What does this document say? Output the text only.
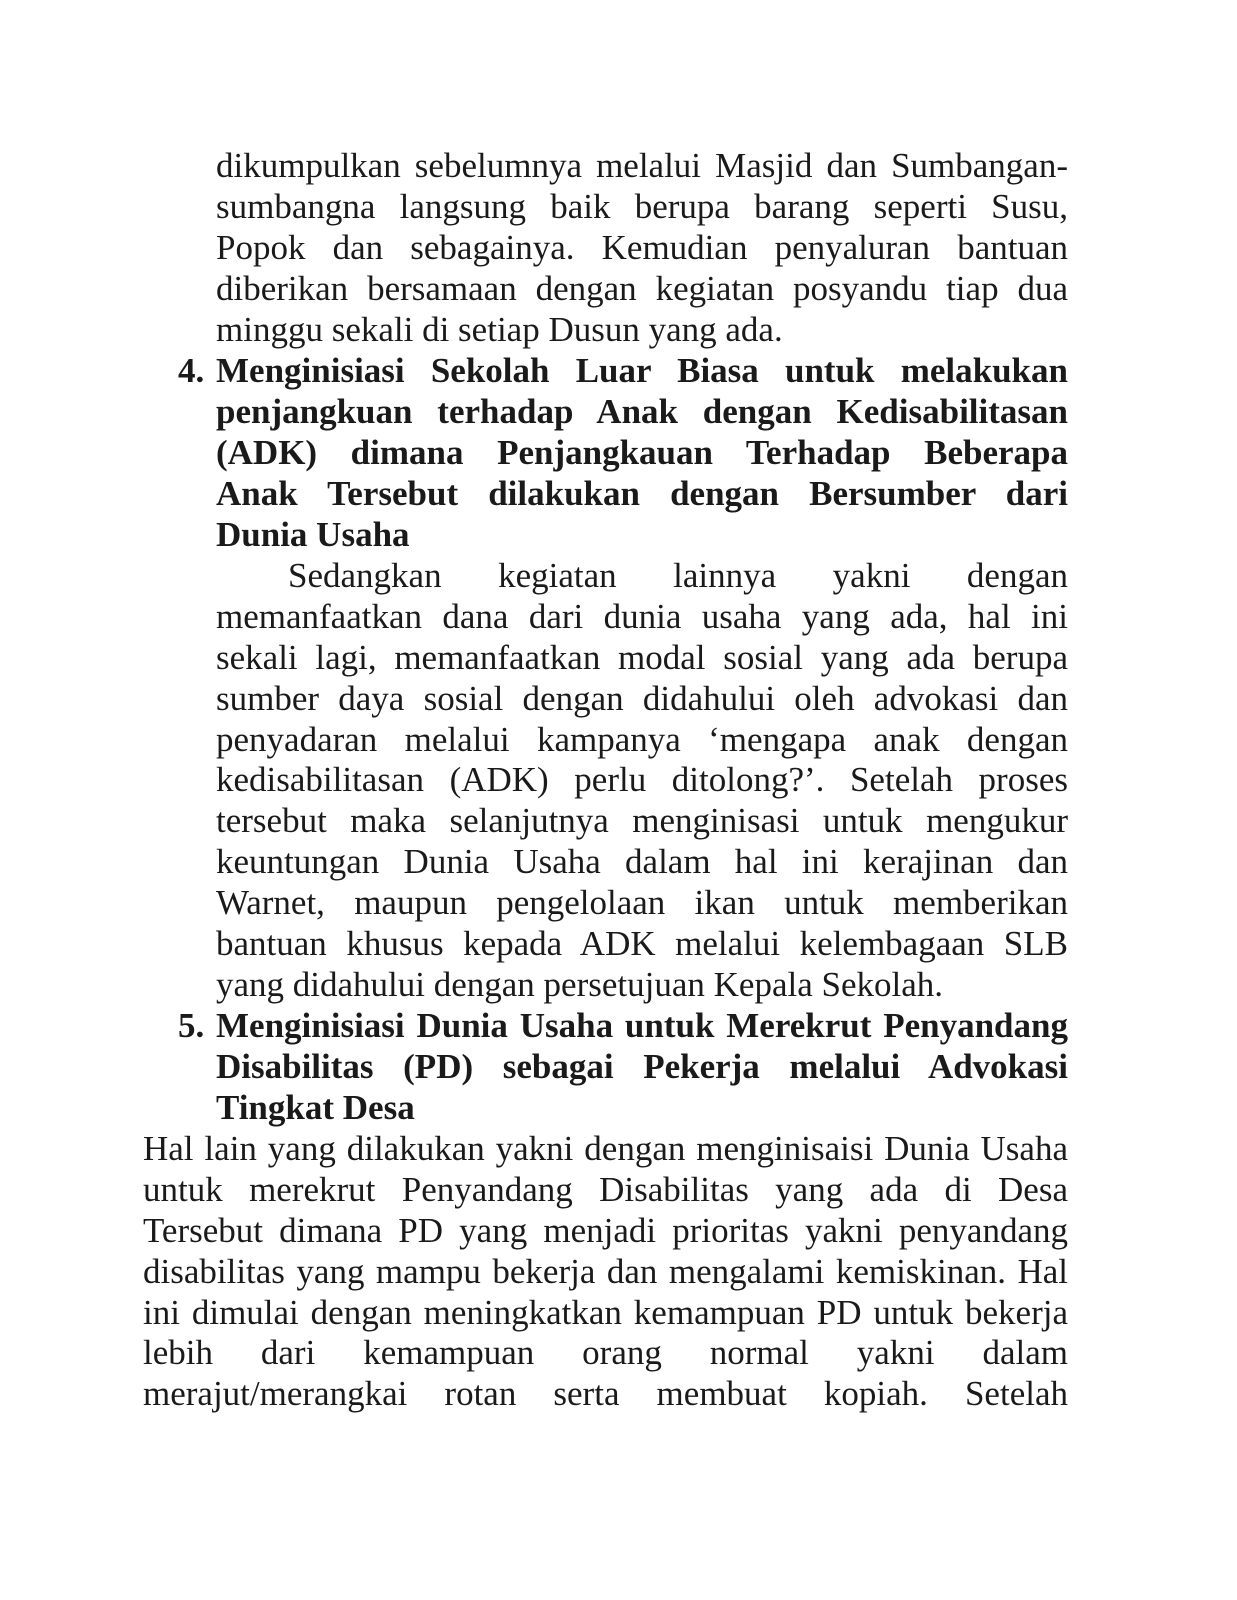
dikumpulkan sebelumnya melalui Masjid dan Sumbangan-
sumbangna langsung baik berupa barang seperti Susu,
Popok dan sebagainya. Kemudian penyaluran bantuan
diberikan bersamaan dengan kegiatan posyandu tiap dua
minggu sekali di setiap Dusun yang ada.
4. Menginisiasi Sekolah Luar Biasa untuk melakukan
penjangkuan terhadap Anak dengan Kedisabilitasan
(ADK) dimana Penjangkauan Terhadap Beberapa
Anak Tersebut dilakukan dengan Bersumber dari
Dunia Usaha
Sedangkan kegiatan lainnya yakni dengan
memanfaatkan dana dari dunia usaha yang ada, hal ini
sekali lagi, memanfaatkan modal sosial yang ada berupa
sumber daya sosial dengan didahului oleh advokasi dan
penyadaran melalui kampanya ‘mengapa anak dengan
kedisabilitasan (ADK) perlu ditolong?’. Setelah proses
tersebut maka selanjutnya menginisasi untuk mengukur
keuntungan Dunia Usaha dalam hal ini kerajinan dan
Warnet, maupun pengelolaan ikan untuk memberikan
bantuan khusus kepada ADK melalui kelembagaan SLB
yang didahului dengan persetujuan Kepala Sekolah.
5. Menginisiasi Dunia Usaha untuk Merekrut Penyandang
Disabilitas (PD) sebagai Pekerja melalui Advokasi
Tingkat Desa
Hal lain yang dilakukan yakni dengan menginisaisi Dunia Usaha
untuk merekrut Penyandang Disabilitas yang ada di Desa
Tersebut dimana PD yang menjadi prioritas yakni penyandang
disabilitas yang mampu bekerja dan mengalami kemiskinan. Hal
ini dimulai dengan meningkatkan kemampuan PD untuk bekerja
lebih dari kemampuan orang normal yakni dalam
merajut/merangkai rotan serta membuat kopiah. Setelah
